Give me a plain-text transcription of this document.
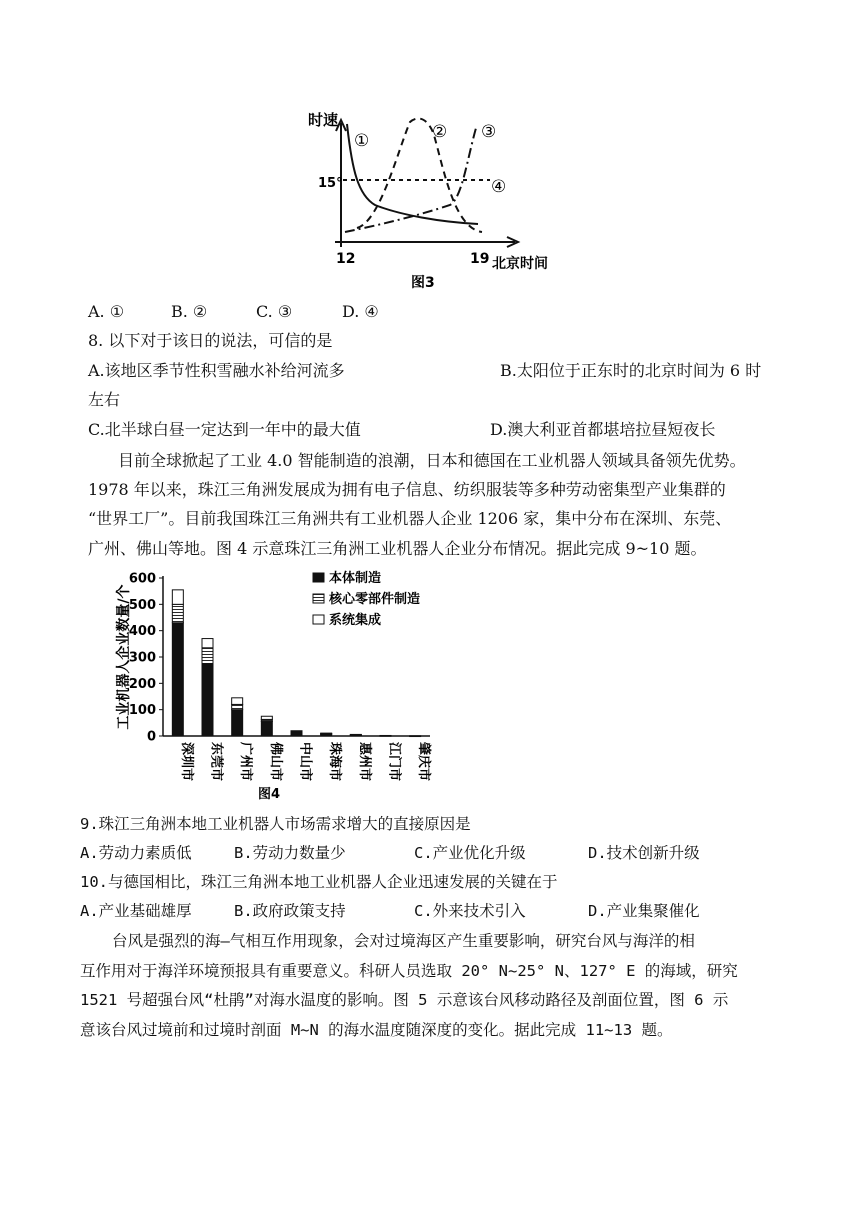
时速
15°
12	19 北京时间
图3
①	② ③
④
A. ①	B. ②	C. ③	D. ④
8. 以下对于该日的说法，可信的是
A.该地区季节性积雪融水补给河流多	B.太阳位于正东时的北京时间为 6 时
左右
C.北半球白昼一定达到一年中的最大值	D.澳大利亚首都堪培拉昼短夜长
目前全球掀起了工业 4.0 智能制造的浪潮，日本和德国在工业机器人领域具备领先优势。
1978 年以来，珠江三角洲发展成为拥有电子信息、纺织服装等多种劳动密集型产业集群的
“世界工厂”。目前我国珠江三角洲共有工业机器人企业 1206 家，集中分布在深圳、东莞、
广州、佛山等地。图 4 示意珠江三角洲工业机器人企业分布情况。据此完成 9~10 题。
0
100
200
300
400
500
600
工业机器人企业数量/个
深圳市 东莞市 广州市 佛山市 中山市 珠海市 惠州市 江门市 肇庆市
本体制造
核心零部件制造
系统集成
图4
9.珠江三角洲本地工业机器人市场需求增大的直接原因是
A.劳动力素质低	B.劳动力数量少	C.产业优化升级	D.技术创新升级
10.与德国相比，珠江三角洲本地工业机器人企业迅速发展的关键在于
A.产业基础雄厚	B.政府政策支持	C.外来技术引入	D.产业集聚催化
台风是强烈的海—气相互作用现象，会对过境海区产生重要影响，研究台风与海洋的相
互作用对于海洋环境预报具有重要意义。科研人员选取 20° N~25° N、127° E 的海域，研究
1521 号超强台风“杜鹃”对海水温度的影响。图 5 示意该台风移动路径及剖面位置，图 6 示
意该台风过境前和过境时剖面 M~N 的海水温度随深度的变化。据此完成 11~13 题。
